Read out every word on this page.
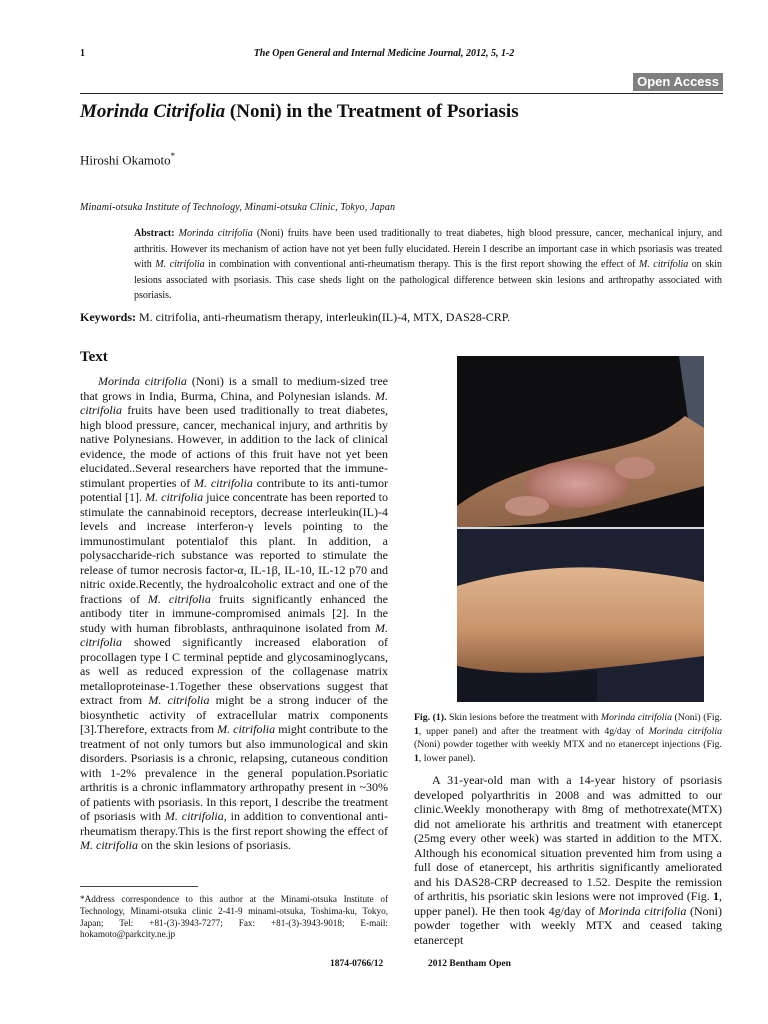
1	The Open General and Internal Medicine Journal, 2012, 5, 1-2
Open Access
Morinda Citrifolia (Noni) in the Treatment of Psoriasis
Hiroshi Okamoto*
Minami-otsuka Institute of Technology, Minami-otsuka Clinic, Tokyo, Japan
Abstract: Morinda citrifolia (Noni) fruits have been used traditionally to treat diabetes, high blood pressure, cancer, mechanical injury, and arthritis. However its mechanism of action have not yet been fully elucidated. Herein I describe an important case in which psoriasis was treated with M. citrifolia in combination with conventional anti-rheumatism therapy. This is the first report showing the effect of M. citrifolia on skin lesions associated with psoriasis. This case sheds light on the pathological difference between skin lesions and arthropathy associated with psoriasis.
Keywords: M. citrifolia, anti-rheumatism therapy, interleukin(IL)-4, MTX, DAS28-CRP.
Text

Morinda citrifolia (Noni) is a small to medium-sized tree that grows in India, Burma, China, and Polynesian islands. M. citrifolia fruits have been used traditionally to treat diabetes, high blood pressure, cancer, mechanical injury, and arthritis by native Polynesians. However, in addition to the lack of clinical evidence, the mode of actions of this fruit have not yet been elucidated..Several researchers have reported that the immune-stimulant properties of M. citrifolia contribute to its anti-tumor potential [1]. M. citrifolia juice concentrate has been reported to stimulate the cannabinoid receptors, decrease interleukin(IL)-4 levels and increase interferon-γ levels pointing to the immunostimulant potentialof this plant. In addition, a polysaccharide-rich substance was reported to stimulate the release of tumor necrosis factor-α, IL-1β, IL-10, IL-12 p70 and nitric oxide.Recently, the hydroalcoholic extract and one of the fractions of M. citrifolia fruits significantly enhanced the antibody titer in immune-compromised animals [2]. In the study with human fibroblasts, anthraquinone isolated from M. citrifolia showed significantly increased elaboration of procollagen type I C terminal peptide and glycosaminoglycans, as well as reduced expression of the collagenase matrix metalloproteinase-1.Together these observations suggest that extract from M. citrifolia might be a strong inducer of the biosynthetic activity of extracellular matrix components [3].Therefore, extracts from M. citrifolia might contribute to the treatment of not only tumors but also immunological and skin disorders. Psoriasis is a chronic, relapsing, cutaneous condition with 1-2% prevalence in the general population.Psoriatic arthritis is a chronic inflammatory arthropathy present in ~30% of patients with psoriasis. In this report, I describe the treatment of psoriasis with M. citrifolia, in addition to conventional anti-rheumatism therapy.This is the first report showing the effect of M. citrifolia on the skin lesions of psoriasis.

*Address correspondence to this author at the Minami-otsuka Institute of Technology, Minami-otsuka clinic 2-41-9 minami-otsuka, Toshima-ku, Tokyo, Japan; Tel: +81-(3)-3943-7277; Fax: +81-(3)-3943-9018; E-mail: hokamoto@parkcity.ne.jp
Fig. (1). Skin lesions before the treatment with Morinda citrifolia (Noni) (Fig. 1, upper panel) and after the treatment with 4g/day of Morinda citrifolia (Noni) powder together with weekly MTX and no etanercept injections (Fig. 1, lower panel).

A 31-year-old man with a 14-year history of psoriasis developed polyarthritis in 2008 and was admitted to our clinic.Weekly monotherapy with 8mg of methotrexate(MTX) did not ameliorate his arthritis and treatment with etanercept (25mg every other week) was started in addition to the MTX. Although his economical situation prevented him from using a full dose of etanercept, his arthritis significantly ameliorated and his DAS28-CRP decreased to 1.52. Despite the remission of arthritis, his psoriatic skin lesions were not improved (Fig. 1, upper panel). He then took 4g/day of Morinda citrifolia (Noni) powder together with weekly MTX and ceased taking etanercept

1874-0766/12	2012 Bentham Open
